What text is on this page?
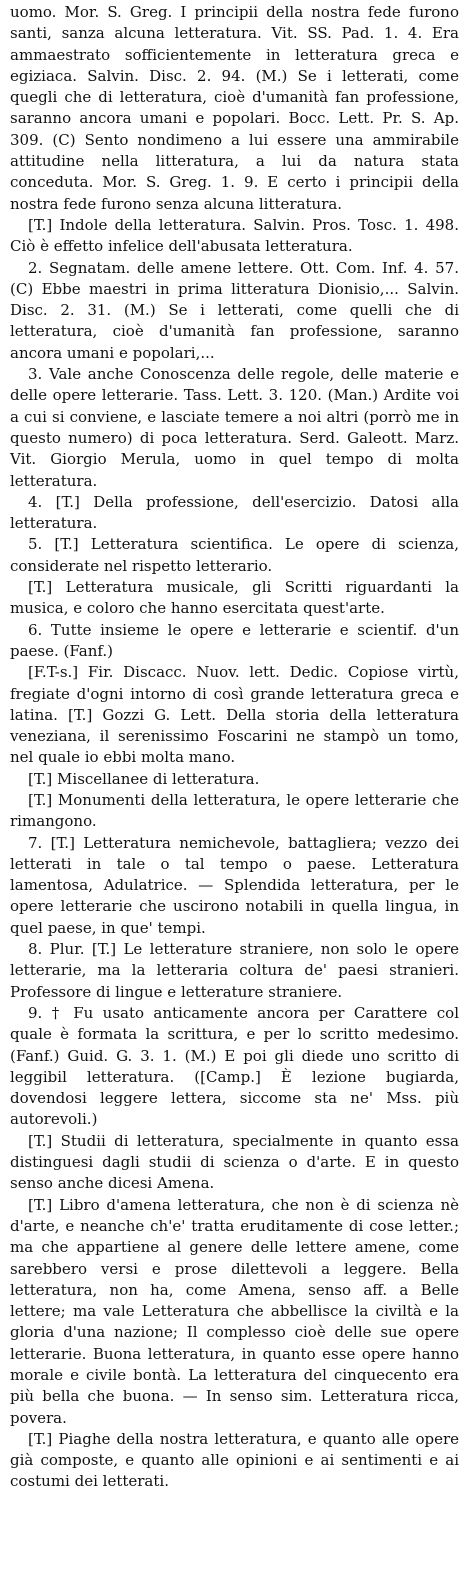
uomo. Mor. S. Greg. I principii della nostra fede furono santi, sanza alcuna letteratura. Vit. SS. Pad. 1. 4. Era ammaestrato sofficientemente in letteratura greca e egiziaca. Salvin. Disc. 2. 94. (M.) Se i letterati, come quegli che di letteratura, cioè d'umanità fan professione, saranno ancora umani e popolari. Bocc. Lett. Pr. S. Ap. 309. (C) Sento nondimeno a lui essere una ammirabile attitudine nella litteratura, a lui da natura stata conceduta. Mor. S. Greg. 1. 9. E certo i principii della nostra fede furono senza alcuna litteratura.

[T.] Indole della letteratura. Salvin. Pros. Tosc. 1. 498. Ciò è effetto infelice dell'abusata letteratura.

2. Segnatam. delle amene lettere. Ott. Com. Inf. 4. 57. (C) Ebbe maestri in prima litteratura Dionisio,... Salvin. Disc. 2. 31. (M.) Se i letterati, come quelli che di letteratura, cioè d'umanità fan professione, saranno ancora umani e popolari,...

3. Vale anche Conoscenza delle regole, delle materie e delle opere letterarie. Tass. Lett. 3. 120. (Man.) Ardite voi a cui si conviene, e lasciate temere a noi altri (porrò me in questo numero) di poca letteratura. Serd. Galeott. Marz. Vit. Giorgio Merula, uomo in quel tempo di molta letteratura.

4. [T.] Della professione, dell'esercizio. Datosi alla letteratura.

5. [T.] Letteratura scientifica. Le opere di scienza, considerate nel rispetto letterario.

[T.] Letteratura musicale, gli Scritti riguardanti la musica, e coloro che hanno esercitata quest'arte.

6. Tutte insieme le opere e letterarie e scientif. d'un paese. (Fanf.)

[F.T-s.] Fir. Discacc. Nuov. lett. Dedic. Copiose virtù, fregiate d'ogni intorno di così grande letteratura greca e latina. [T.] Gozzi G. Lett. Della storia della letteratura veneziana, il serenissimo Foscarini ne stampò un tomo, nel quale io ebbi molta mano.

[T.] Miscellanee di letteratura.

[T.] Monumenti della letteratura, le opere letterarie che rimangono.

7. [T.] Letteratura nemichevole, battagliera; vezzo dei letterati in tale o tal tempo o paese. Letteratura lamentosa, Adulatrice. — Splendida letteratura, per le opere letterarie che uscirono notabili in quella lingua, in quel paese, in que' tempi.

8. Plur. [T.] Le letterature straniere, non solo le opere letterarie, ma la letteraria coltura de' paesi stranieri. Professore di lingue e letterature straniere.

9. † Fu usato anticamente ancora per Carattere col quale è formata la scrittura, e per lo scritto medesimo. (Fanf.) Guid. G. 3. 1. (M.) E poi gli diede uno scritto di leggibil letteratura. ([Camp.] È lezione bugiarda, dovendosi leggere lettera, siccome sta ne' Mss. più autorevoli.)

[T.] Studii di letteratura, specialmente in quanto essa distinguesi dagli studii di scienza o d'arte. E in questo senso anche dicesi Amena.

[T.] Libro d'amena letteratura, che non è di scienza nè d'arte, e neanche ch'e' tratta eruditamente di cose letter.; ma che appartiene al genere delle lettere amene, come sarebbero versi e prose dilettevoli a leggere. Bella letteratura, non ha, come Amena, senso aff. a Belle lettere; ma vale Letteratura che abbellisce la civiltà e la gloria d'una nazione; Il complesso cioè delle sue opere letterarie. Buona letteratura, in quanto esse opere hanno morale e civile bontà. La letteratura del cinquecento era più bella che buona. — In senso sim. Letteratura ricca, povera.

[T.] Piaghe della nostra letteratura, e quanto alle opere già composte, e quanto alle opinioni e ai sentimenti e ai costumi dei letterati.
